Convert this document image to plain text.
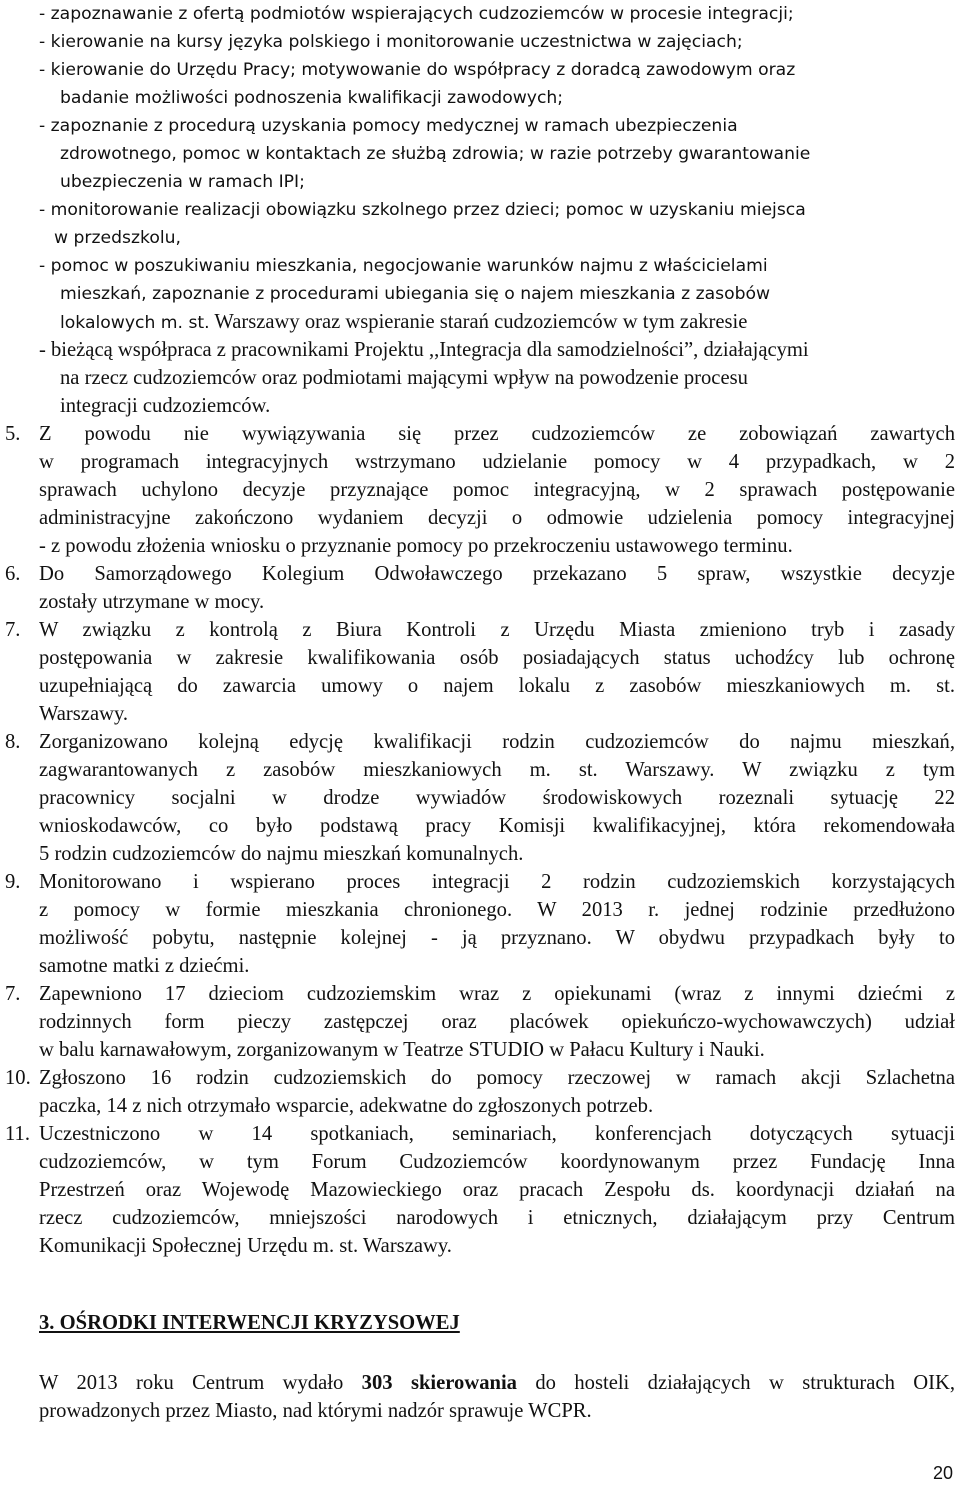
- zapoznawanie z ofertą podmiotów wspierających cudzoziemców w procesie integracji;
- kierowanie na kursy języka polskiego i monitorowanie uczestnictwa w zajęciach;
- kierowanie do Urzędu Pracy; motywowanie do współpracy z doradcą zawodowym oraz
badanie możliwości podnoszenia kwalifikacji zawodowych;
- zapoznanie z procedurą uzyskania pomocy medycznej w ramach ubezpieczenia
zdrowotnego, pomoc w kontaktach ze służbą zdrowia; w razie potrzeby gwarantowanie
ubezpieczenia w ramach IPI;
- monitorowanie realizacji obowiązku szkolnego przez dzieci; pomoc w uzyskaniu miejsca
w przedszkolu,
- pomoc w poszukiwaniu mieszkania, negocjowanie warunków najmu z właścicielami
mieszkań, zapoznanie z procedurami ubiegania się o najem mieszkania z zasobów
lokalowych m. st. Warszawy oraz wspieranie starań cudzoziemców w tym zakresie
- bieżącą współpraca z pracownikami Projektu ,,Integracja dla samodzielności”, działającymi
na rzecz cudzoziemców oraz podmiotami mającymi wpływ na powodzenie procesu
integracji cudzoziemców.
5. Z powodu nie wywiązywania się przez cudzoziemców ze zobowiązań zawartych
w programach integracyjnych wstrzymano udzielanie pomocy w 4 przypadkach, w 2
sprawach uchylono decyzje przyznające pomoc integracyjną, w 2 sprawach postępowanie
administracyjne zakończono wydaniem decyzji o odmowie udzielenia pomocy integracyjnej
- z powodu złożenia wniosku o przyznanie pomocy po przekroczeniu ustawowego terminu.
6. Do Samorządowego Kolegium Odwoławczego przekazano 5 spraw, wszystkie decyzje
zostały utrzymane w mocy.
7. W związku z kontrolą z Biura Kontroli z Urzędu Miasta zmieniono tryb i zasady
postępowania w zakresie kwalifikowania osób posiadających status uchodźcy lub ochronę
uzupełniającą do zawarcia umowy o najem lokalu z zasobów mieszkaniowych m. st.
Warszawy.
8. Zorganizowano kolejną edycję kwalifikacji rodzin cudzoziemców do najmu mieszkań,
zagwarantowanych z zasobów mieszkaniowych m. st. Warszawy. W związku z tym
pracownicy socjalni w drodze wywiadów środowiskowych rozeznali sytuację 22
wnioskodawców, co było podstawą pracy Komisji kwalifikacyjnej, która rekomendowała
5 rodzin cudzoziemców do najmu mieszkań komunalnych.
9. Monitorowano i wspierano proces integracji 2 rodzin cudzoziemskich korzystających
z pomocy w formie mieszkania chronionego. W 2013 r. jednej rodzinie przedłużono
możliwość pobytu, następnie kolejnej - ją przyznano. W obydwu przypadkach były to
samotne matki z dziećmi.
7. Zapewniono 17 dzieciom cudzoziemskim wraz z opiekunami (wraz z innymi dziećmi z
rodzinnych form pieczy zastępczej oraz placówek opiekuńczo-wychowawczych) udział
w balu karnawałowym, zorganizowanym w Teatrze STUDIO w Pałacu Kultury i Nauki.
10. Zgłoszono 16 rodzin cudzoziemskich do pomocy rzeczowej w ramach akcji Szlachetna
paczka, 14 z nich otrzymało wsparcie, adekwatne do zgłoszonych potrzeb.
11. Uczestniczono w 14 spotkaniach, seminariach, konferencjach dotyczących sytuacji
cudzoziemców, w tym Forum Cudzoziemców koordynowanym przez Fundację Inna
Przestrzeń oraz Wojewodę Mazowieckiego oraz pracach Zespołu ds. koordynacji działań na
rzecz cudzoziemców, mniejszości narodowych i etnicznych, działającym przy Centrum
Komunikacji Społecznej Urzędu m. st. Warszawy.
3. OŚRODKI INTERWENCJI KRYZYSOWEJ
W 2013 roku Centrum wydało 303 skierowania do hosteli działających w strukturach OIK,
prowadzonych przez Miasto, nad którymi nadzór sprawuje WCPR.
20
